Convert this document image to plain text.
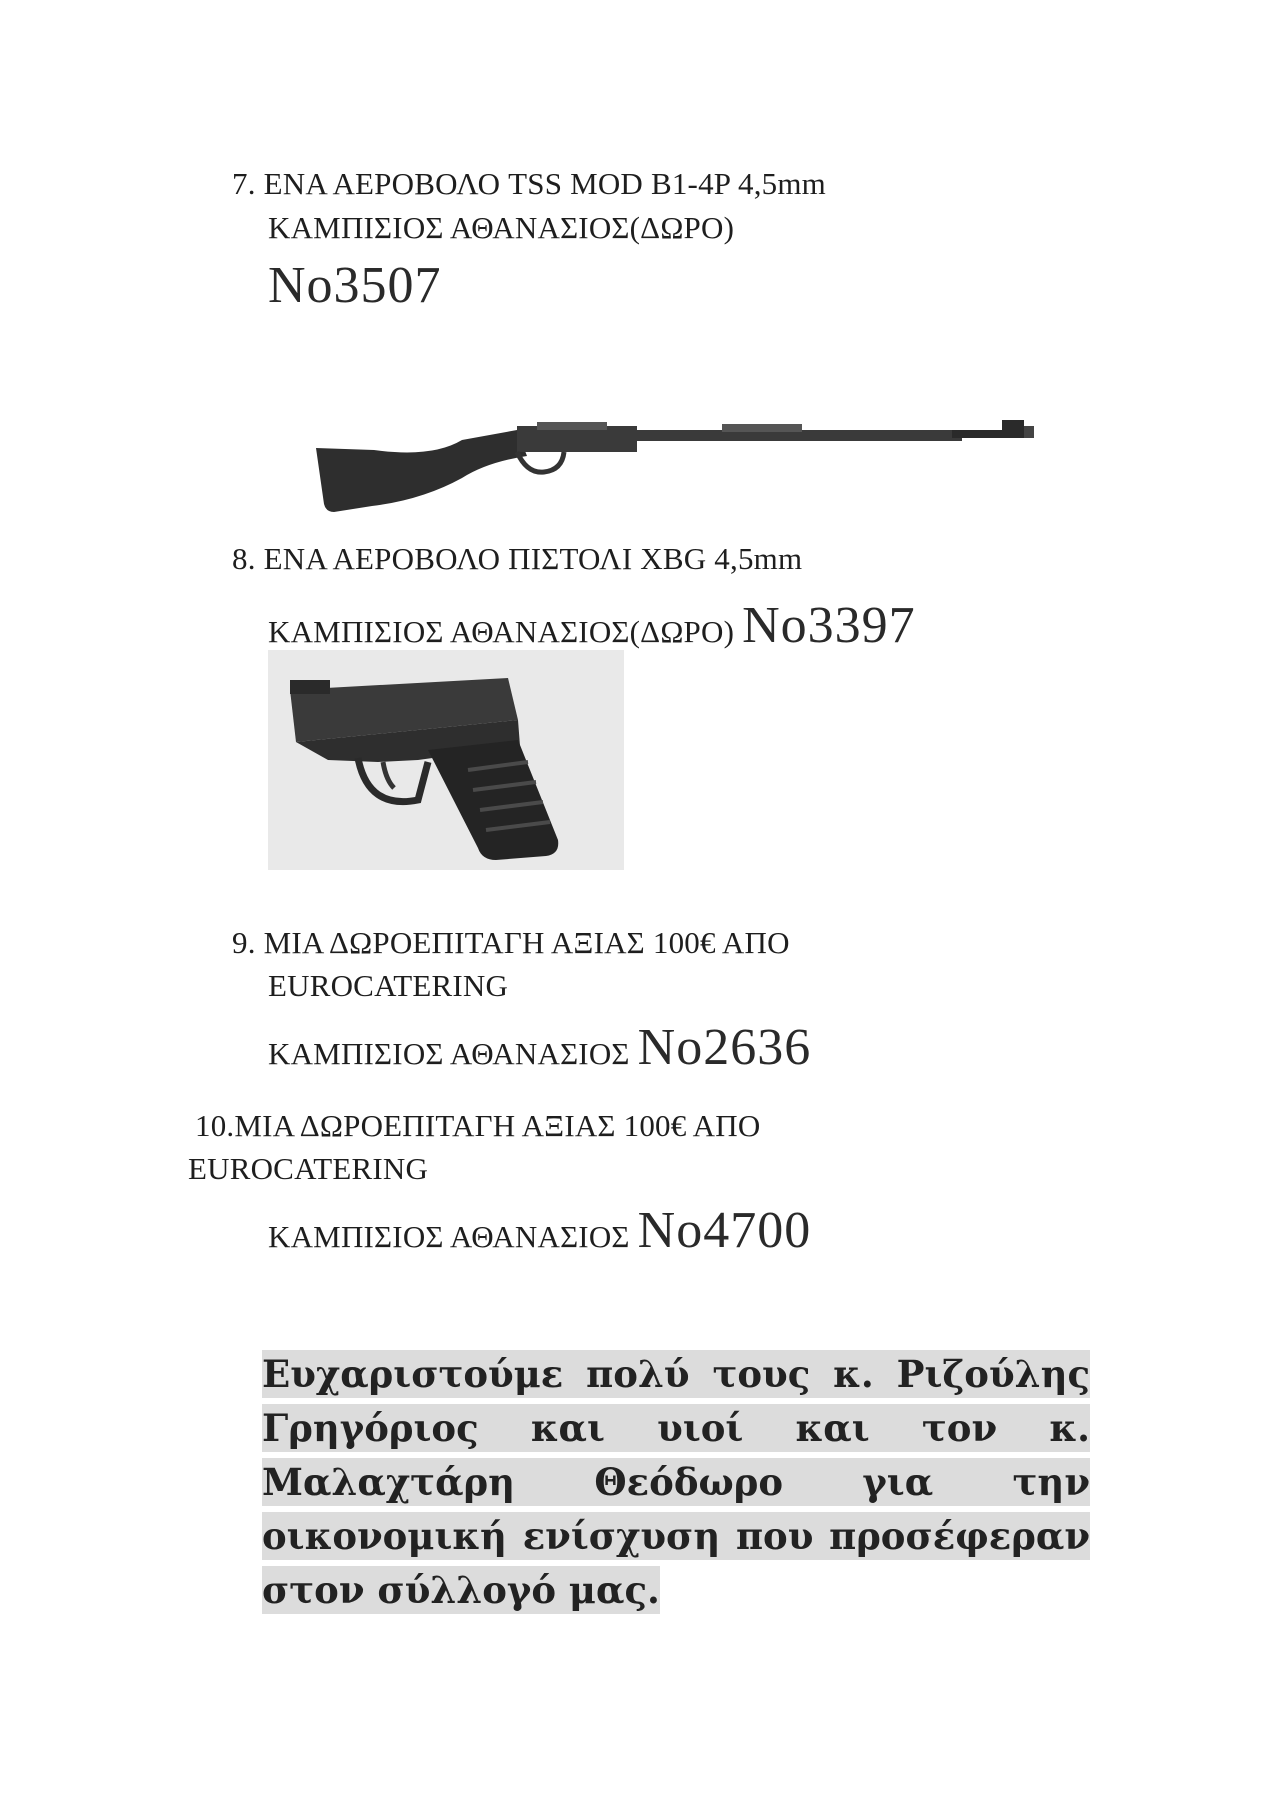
7. ΕΝΑ ΑΕΡΟΒΟΛΟ TSS MOD B1-4P 4,5mm
ΚΑΜΠΙΣΙΟΣ ΑΘΑΝΑΣΙΟΣ(ΔΩΡΟ)
No3507
8. ΕΝΑ ΑΕΡΟΒΟΛΟ ΠΙΣΤΟΛΙ XBG 4,5mm
ΚΑΜΠΙΣΙΟΣ ΑΘΑΝΑΣΙΟΣ(ΔΩΡΟ) No3397
9. ΜΙΑ ΔΩΡΟΕΠΙΤΑΓΗ ΑΞΙΑΣ 100€ ΑΠΟ
EUROCATERING
ΚΑΜΠΙΣΙΟΣ ΑΘΑΝΑΣΙΟΣ No2636
10.ΜΙΑ ΔΩΡΟΕΠΙΤΑΓΗ ΑΞΙΑΣ 100€ ΑΠΟ
EUROCATERING
ΚΑΜΠΙΣΙΟΣ ΑΘΑΝΑΣΙΟΣ No4700
Ευχαριστούμε πολύ τους κ. Ριζούλης Γρηγόριος και υιοί και τον κ. Μαλαχτάρη Θεόδωρο για την οικονομική ενίσχυση που προσέφεραν στον σύλλογό μας.
